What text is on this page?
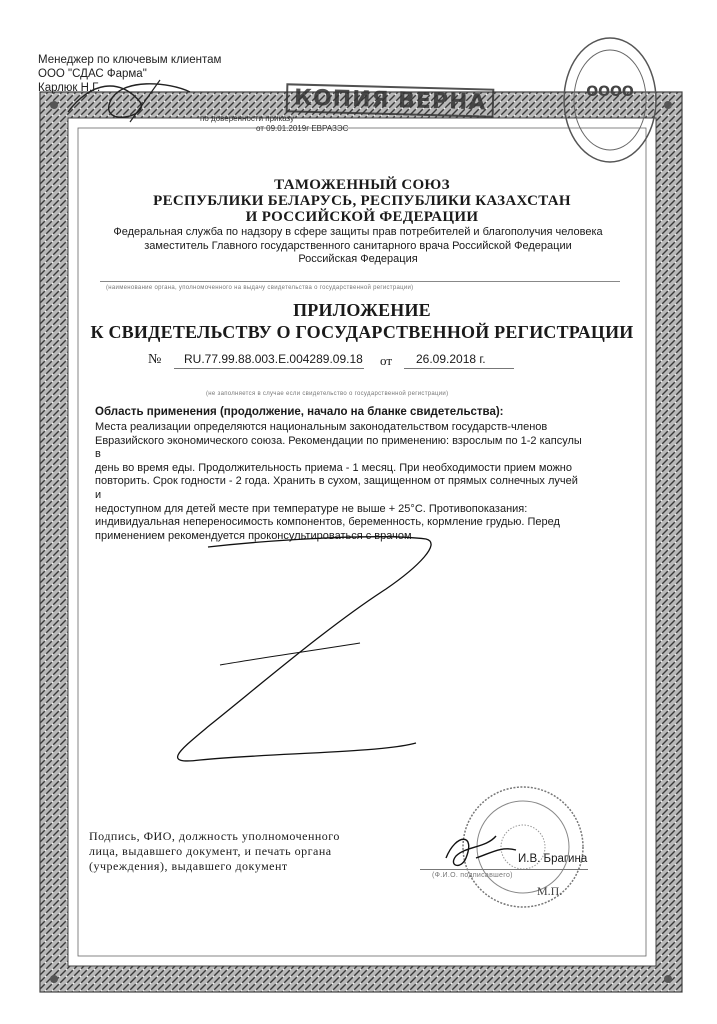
ОООО
Менеджер по ключевым клиентам
ООО "СДАС Фарма"
Карлюк Н.Г.	КОПИЯ ВЕРНА
по доверенности приказу
от 09.01.2019г ЕВРАЗЭС
ТАМОЖЕННЫЙ СОЮЗ
РЕСПУБЛИКИ БЕЛАРУСЬ, РЕСПУБЛИКИ КАЗАХСТАН
И РОССИЙСКОЙ ФЕДЕРАЦИИ
Федеральная служба по надзору в сфере защиты прав потребителей и благополучия человека
заместитель Главного государственного санитарного врача Российской Федерации
Российская Федерация
(наименование органа, уполномоченного на выдачу свидетельства о государственной регистрации)
ПРИЛОЖЕНИЕ
К СВИДЕТЕЛЬСТВУ О ГОСУДАРСТВЕННОЙ РЕГИСТРАЦИИ
№ RU.77.99.88.003.E.004289.09.18 от 26.09.2018 г.
(не заполняется в случае если свидетельство о государственной регистрации)
Область применения (продолжение, начало на бланке свидетельства):
Места реализации определяются национальным законодательством государств-членов
Евразийского экономического союза. Рекомендации по применению: взрослым по 1-2 капсулы в
день во время еды. Продолжительность приема - 1 месяц. При необходимости прием можно
повторить. Срок годности - 2 года. Хранить в сухом, защищенном от прямых солнечных лучей и
недоступном для детей месте при температуре не выше + 25°С. Противопоказания:
индивидуальная непереносимость компонентов, беременность, кормление грудью. Перед
применением рекомендуется проконсультироваться с врачом
Подпись, ФИО, должность уполномоченного
лица, выдавшего документ, и печать органа
(учреждения), выдавшего документ	И.В. Брагина
(Ф.И.О. подписавшего)
М.П.
